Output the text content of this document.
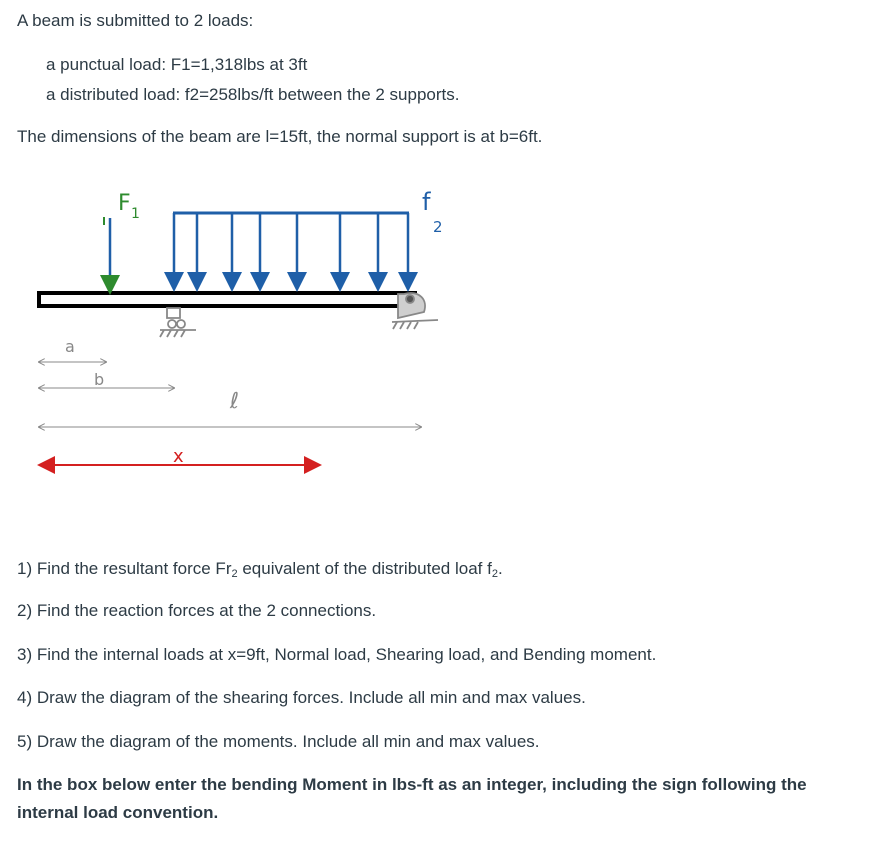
A beam is submitted to 2 loads:
a punctual load: F1=1,318lbs at 3ft
a distributed load: f2=258lbs/ft between the 2 supports.
The dimensions of the beam are l=15ft, the normal support is at b=6ft.
F 1	f
2
a
b
ℓ
x
1) Find the resultant force $Fr_2$ equivalent of the distributed loaf $f_2$.
2) Find the reaction forces at the 2 connections.
3) Find the internal loads at x=9ft, Normal load, Shearing load, and Bending moment.
4) Draw the diagram of the shearing forces. Include all min and max values.
5) Draw the diagram of the moments. Include all min and max values.
In the box below enter the bending Moment in lbs-ft as an integer, including the sign following the
internal load convention.
